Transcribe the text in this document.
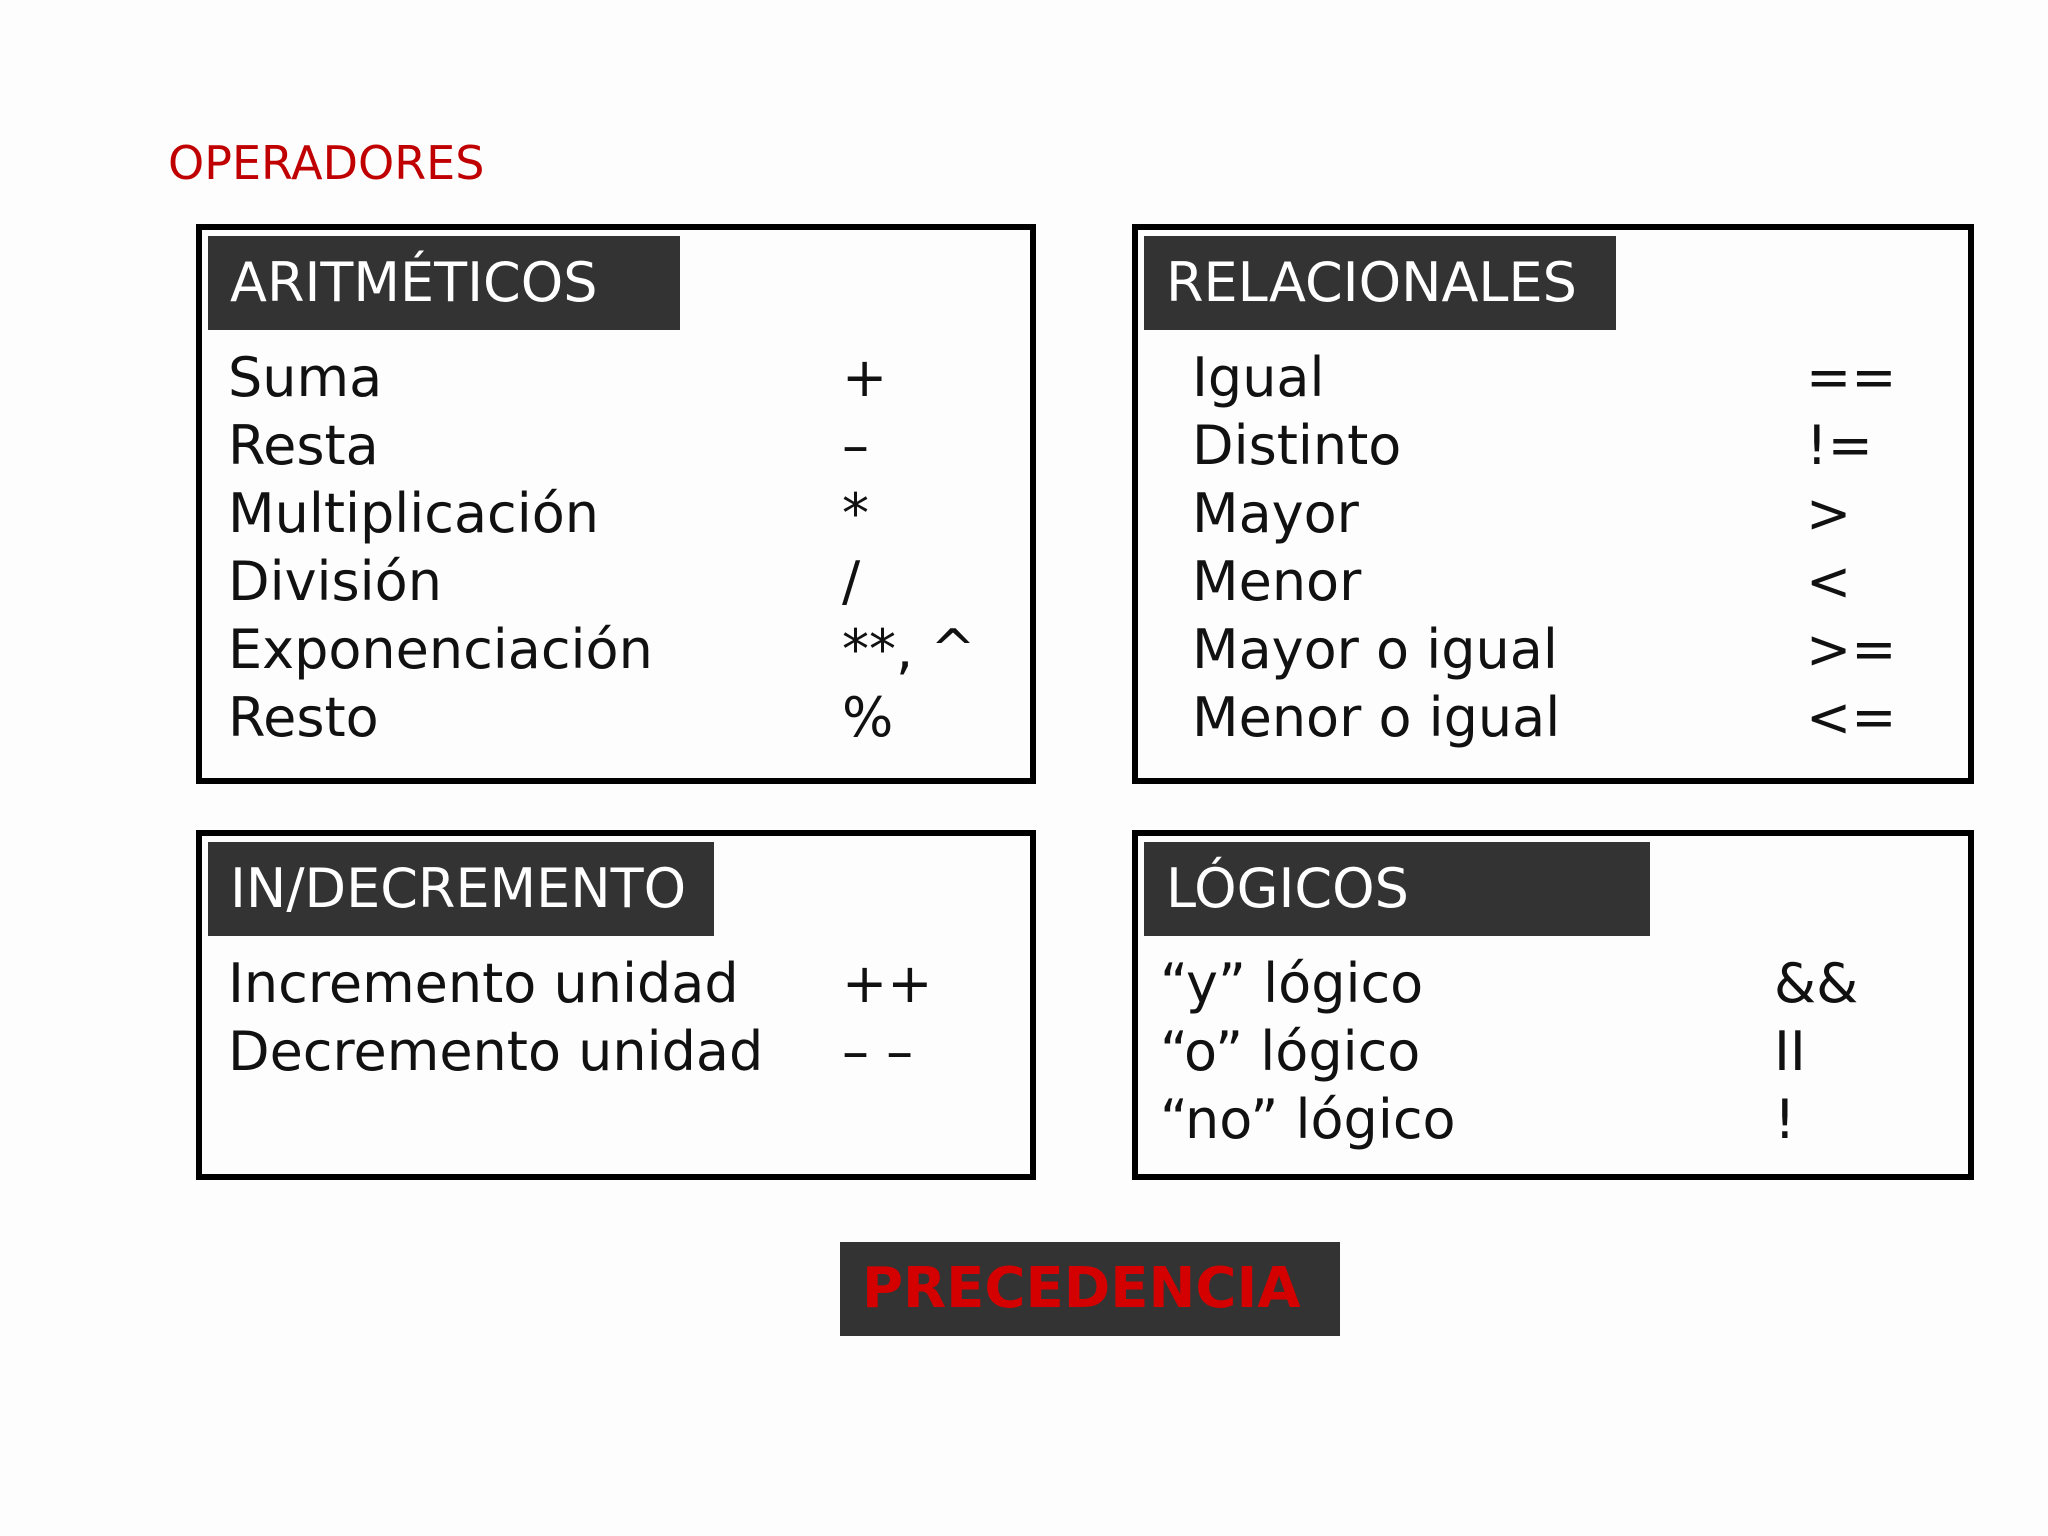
OPERADORES
ARITMÉTICOS
Suma	+
Resta	–
Multiplicación	*
División	/
Exponenciación	**, ^
Resto	%
RELACIONALES
Igual	==
Distinto	!=
Mayor	>
Menor	<
Mayor o igual	>=
Menor o igual	<=
IN/DECREMENTO
Incremento unidad ++
Decremento unidad – –
LÓGICOS
“y” lógico	&&
“o” lógico	II
“no” lógico	!
PRECEDENCIA
